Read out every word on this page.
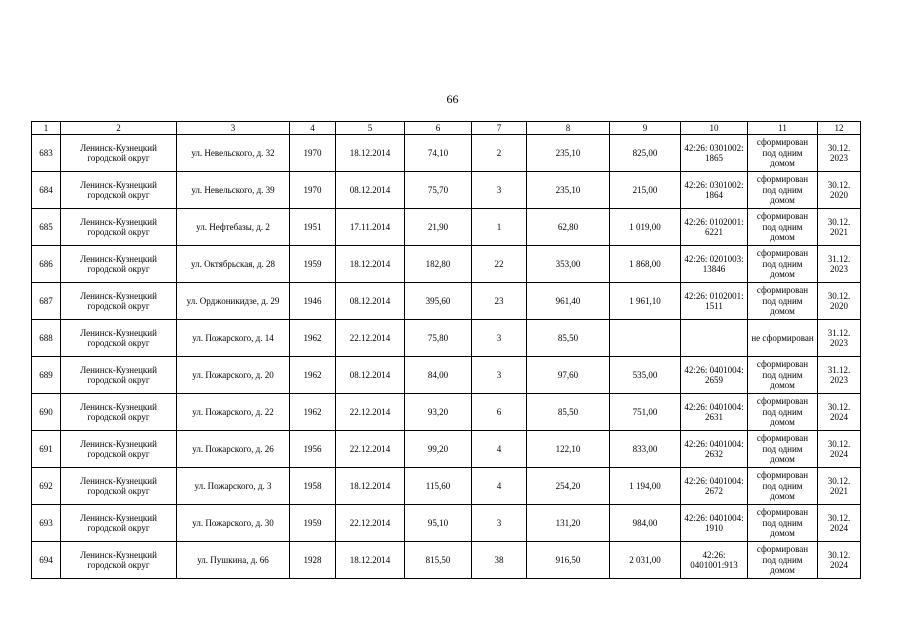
66
1	2	3	4	5	6	7	8	9	10	11	12
683	Ленинск-Кузнецкий городской округ	ул. Невельского, д. 32	1970	18.12.2014	74,10	2	235,10	825,00	42:26: 0301002: 1865	сформирован под одним домом	30.12. 2023
684	Ленинск-Кузнецкий городской округ	ул. Невельского, д. 39	1970	08.12.2014	75,70	3	235,10	215,00	42:26: 0301002: 1864	сформирован под одним домом	30.12. 2020
685	Ленинск-Кузнецкий городской округ	ул. Нефтебазы, д. 2	1951	17.11.2014	21,90	1	62,80	1 019,00	42:26: 0102001: 6221	сформирован под одним домом	30.12. 2021
686	Ленинск-Кузнецкий городской округ	ул. Октябрьская, д. 28	1959	18.12.2014	182,80	22	353,00	1 868,00	42:26: 0201003: 13846	сформирован под одним домом	31.12. 2023
687	Ленинск-Кузнецкий городской округ	ул. Орджоникидзе, д. 29	1946	08.12.2014	395,60	23	961,40	1 961,10	42:26: 0102001: 1511	сформирован под одним домом	30.12. 2020
688	Ленинск-Кузнецкий городской округ	ул. Пожарского, д. 14	1962	22.12.2014	75,80	3	85,50			не сформирован	31.12. 2023
689	Ленинск-Кузнецкий городской округ	ул. Пожарского, д. 20	1962	08.12.2014	84,00	3	97,60	535,00	42:26: 0401004: 2659	сформирован под одним домом	31.12. 2023
690	Ленинск-Кузнецкий городской округ	ул. Пожарского, д. 22	1962	22.12.2014	93,20	6	85,50	751,00	42:26: 0401004: 2631	сформирован под одним домом	30.12. 2024
691	Ленинск-Кузнецкий городской округ	ул. Пожарского, д. 26	1956	22.12.2014	99,20	4	122,10	833,00	42:26: 0401004: 2632	сформирован под одним домом	30.12. 2024
692	Ленинск-Кузнецкий городской округ	ул. Пожарского, д. 3	1958	18.12.2014	115,60	4	254,20	1 194,00	42:26: 0401004: 2672	сформирован под одним домом	30.12. 2021
693	Ленинск-Кузнецкий городской округ	ул. Пожарского, д. 30	1959	22.12.2014	95,10	3	131,20	984,00	42:26: 0401004: 1910	сформирован под одним домом	30.12. 2024
694	Ленинск-Кузнецкий городской округ	ул. Пушкина, д. 66	1928	18.12.2014	815,50	38	916,50	2 031,00	42:26: 0401001:913	сформирован под одним домом	30.12. 2024
